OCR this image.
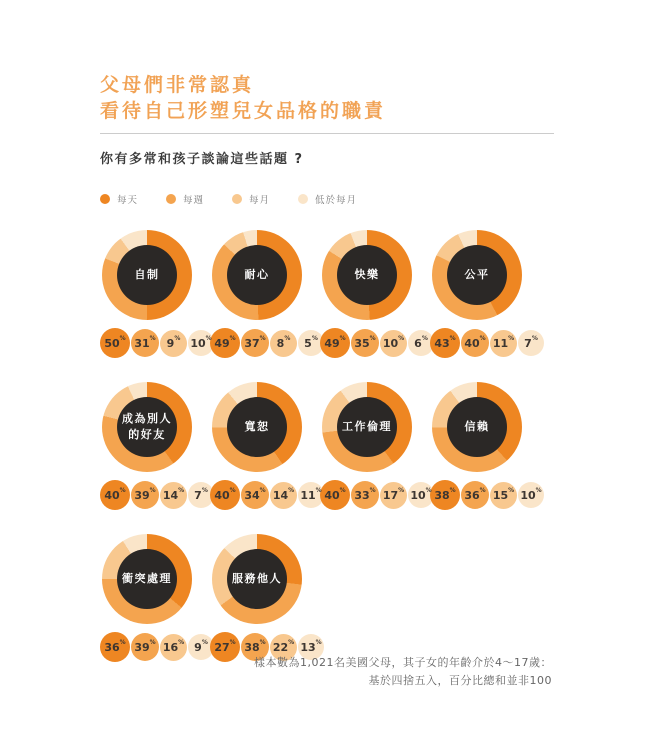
父母們非常認真
看待自己形塑兒女品格的職責
你有多常和孩子談論這些話題 ?
每天	每週	每月	低於每月
自制
50 % 31 % 9 % 10 %
耐心
49 % 37 % 8 % 5 %
快樂
49 % 35 % 10 % 6 %
公平
43 % 40 % 11 % 7 %
成為別人
的好友
40 % 39 % 14 % 7 %
寬恕
40 % 34 % 14 % 11 %
工作倫理
40 % 33 % 17 % 10 %
信賴
38 % 36 % 15 % 10 %
衝突處理
36 % 39 % 16 % 9 %
服務他人
27 % 38 % 22 % 13 %
樣本數為1,021名美國父母，其子女的年齡介於4～17歲：
基於四捨五入，百分比總和並非100
